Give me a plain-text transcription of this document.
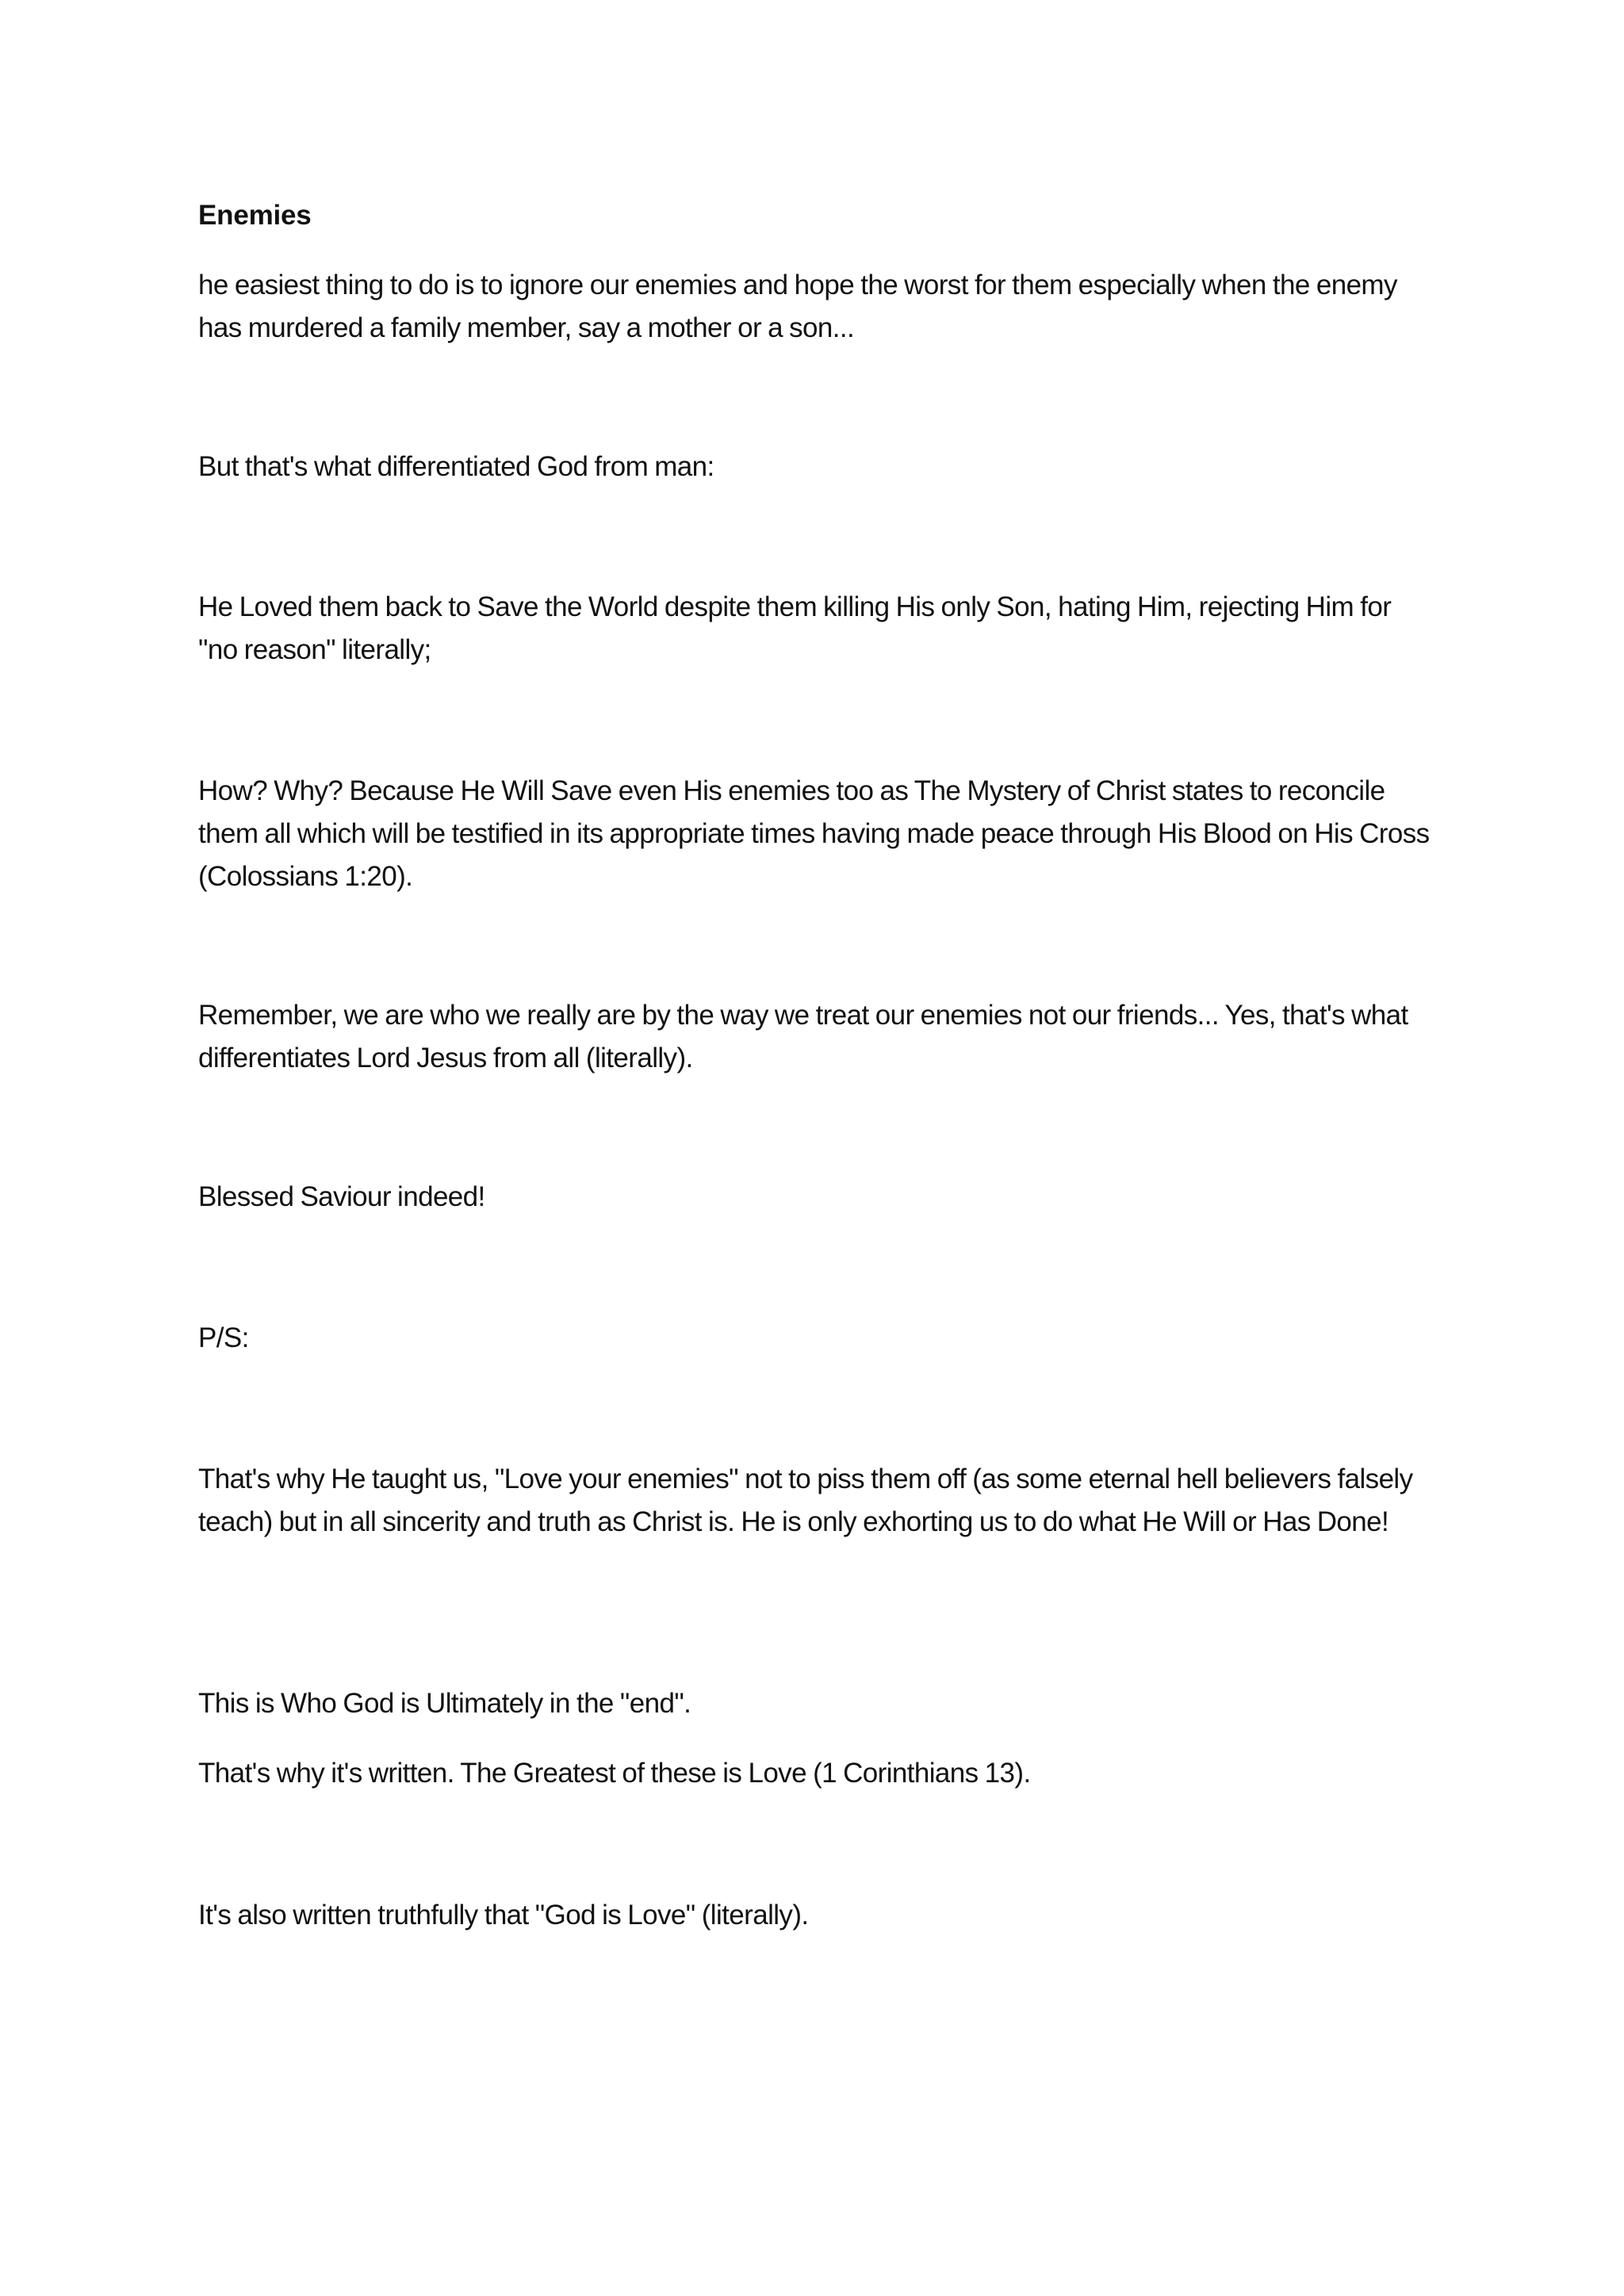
Enemies
he easiest thing to do is to ignore our enemies and hope the worst for them especially when the enemy has murdered a family member, say a mother or a son...
But that's what differentiated God from man:
He Loved them back to Save the World despite them killing His only Son, hating Him, rejecting Him for "no reason" literally;
How? Why? Because He Will Save even His enemies too as The Mystery of Christ states to reconcile them all which will be testified in its appropriate times having made peace through His Blood on His Cross (Colossians 1:20).
Remember, we are who we really are by the way we treat our enemies not our friends... Yes, that's what differentiates Lord Jesus from all (literally).
Blessed Saviour indeed!
P/S:
That's why He taught us, "Love your enemies" not to piss them off (as some eternal hell believers falsely teach) but in all sincerity and truth as Christ is. He is only exhorting us to do what He Will or Has Done!
This is Who God is Ultimately in the "end".
That's why it's written. The Greatest of these is Love (1 Corinthians 13).
It's also written truthfully that "God is Love" (literally).
